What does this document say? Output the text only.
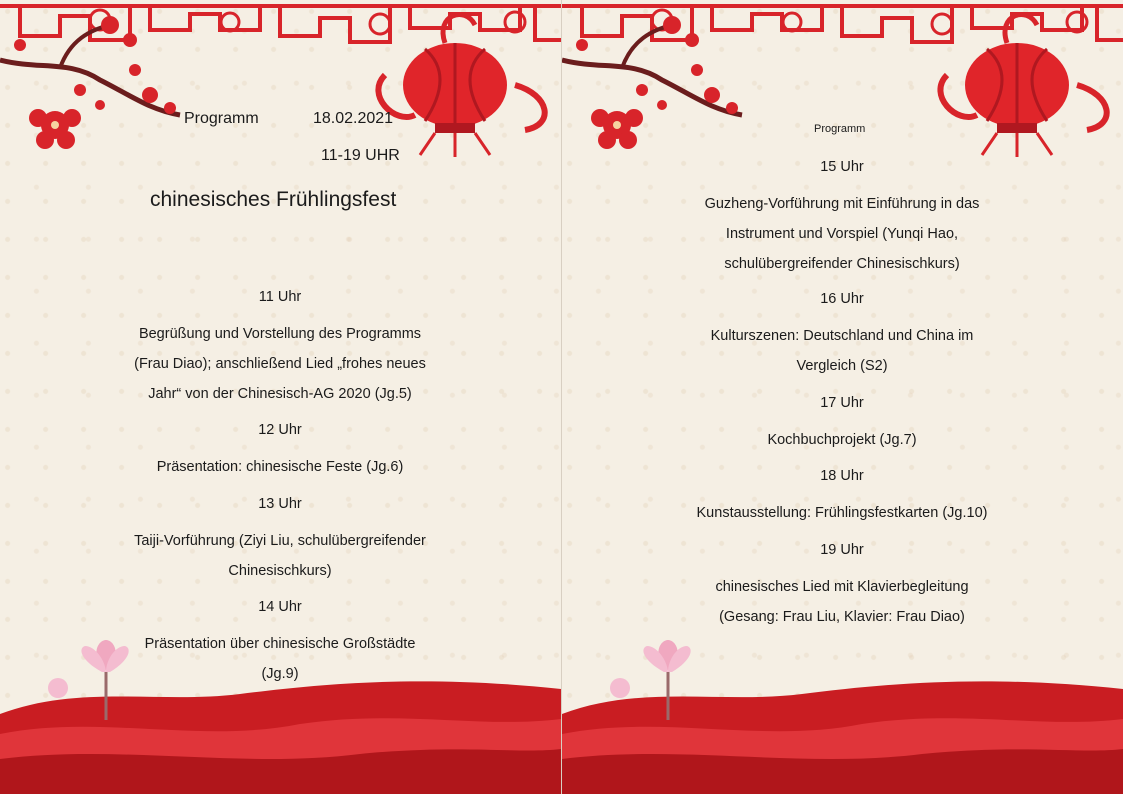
Programm	18.02.2021
11-19 UHR
chinesisches Frühlingsfest
11 Uhr
Begrüßung und Vorstellung des Programms
(Frau Diao); anschließend Lied „frohes neues
Jahr“ von der Chinesisch-AG 2020 (Jg.5)
12 Uhr
Präsentation: chinesische Feste (Jg.6)
13 Uhr
Taiji-Vorführung (Ziyi Liu, schulübergreifender
Chinesischkurs)
14 Uhr
Präsentation über chinesische Großstädte
(Jg.9)
Programm
15 Uhr
Guzheng-Vorführung mit Einführung in das
Instrument und Vorspiel (Yunqi Hao,
schulübergreifender Chinesischkurs)
16 Uhr
Kulturszenen: Deutschland und China im
Vergleich (S2)
17 Uhr
Kochbuchprojekt (Jg.7)
18 Uhr
Kunstausstellung: Frühlingsfestkarten (Jg.10)
19 Uhr
chinesisches Lied mit Klavierbegleitung
(Gesang: Frau Liu, Klavier: Frau Diao)
